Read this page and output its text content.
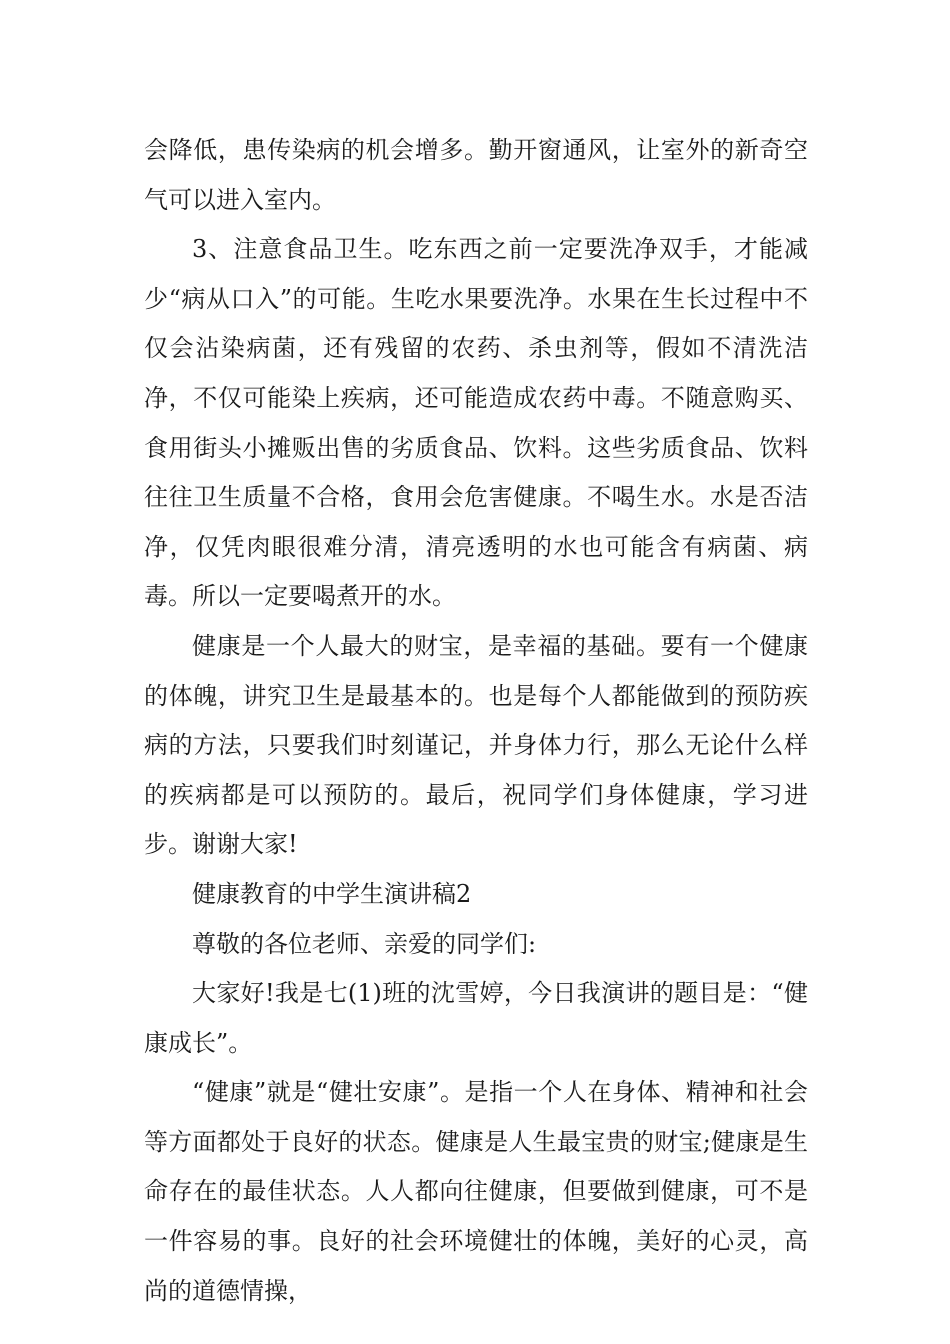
会降低，患传染病的机会增多。勤开窗通风，让室外的新奇空气可以进入室内。

3、注意食品卫生。吃东西之前一定要洗净双手，才能减少“病从口入”的可能。生吃水果要洗净。水果在生长过程中不仅会沾染病菌，还有残留的农药、杀虫剂等，假如不清洗洁净，不仅可能染上疾病，还可能造成农药中毒。不随意购买、食用街头小摊贩出售的劣质食品、饮料。这些劣质食品、饮料往往卫生质量不合格，食用会危害健康。不喝生水。水是否洁净，仅凭肉眼很难分清，清亮透明的水也可能含有病菌、病毒。所以一定要喝煮开的水。

健康是一个人最大的财宝，是幸福的基础。要有一个健康的体魄，讲究卫生是最基本的。也是每个人都能做到的预防疾病的方法，只要我们时刻谨记，并身体力行，那么无论什么样的疾病都是可以预防的。最后，祝同学们身体健康，学习进步。谢谢大家!

健康教育的中学生演讲稿2

尊敬的各位老师、亲爱的同学们:

大家好!我是七(1)班的沈雪婷，今日我演讲的题目是：“健康成长”。

“健康”就是“健壮安康”。是指一个人在身体、精神和社会等方面都处于良好的状态。健康是人生最宝贵的财宝;健康是生命存在的最佳状态。人人都向往健康，但要做到健康，可不是一件容易的事。良好的社会环境健壮的体魄，美好的心灵，高尚的道德情操，
